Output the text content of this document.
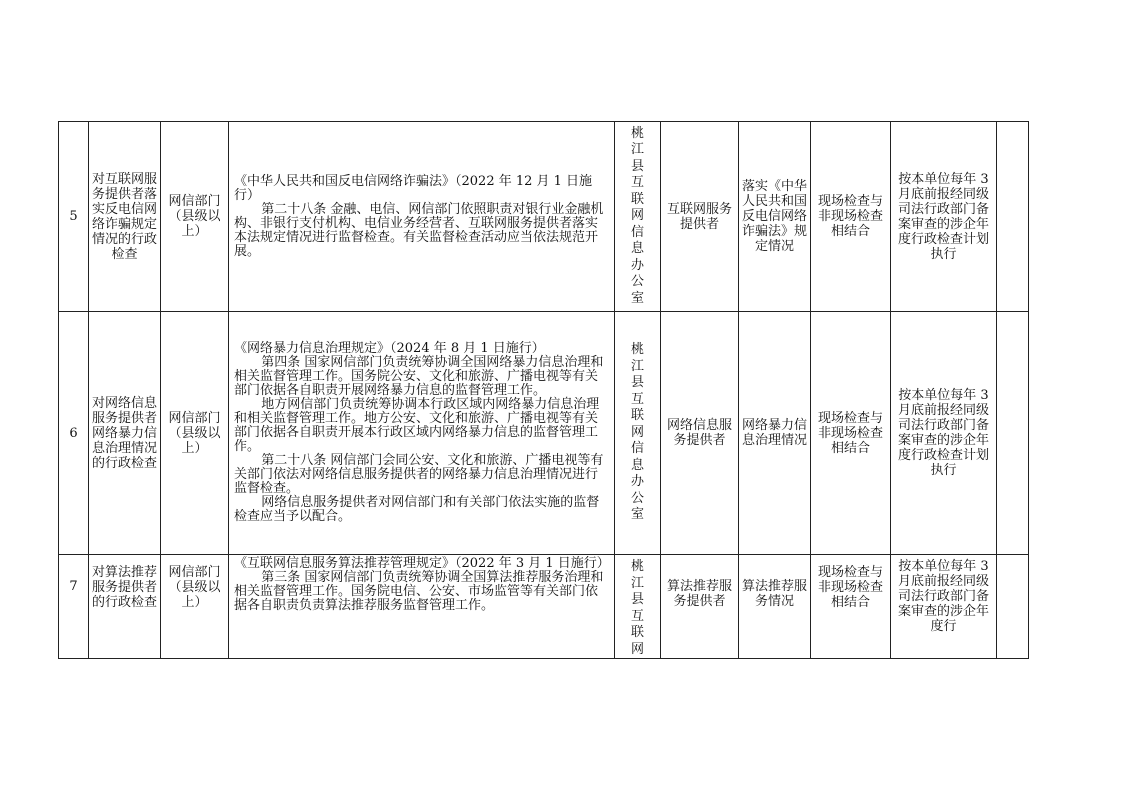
5	对互联网服务提供者落实反电信网络诈骗规定情况的行政检查	网信部门（县级以上）	《中华人民共和国反电信网络诈骗法》（2022 年 12 月 1 日施行）

第二十八条 金融、电信、网信部门依照职责对银行业金融机构、非银行支付机构、电信业务经营者、互联网服务提供者落实本法规定情况进行监督检查。有关监督检查活动应当依法规范开展。	桃江县互联网信息办公室	互联网服务提供者	落实《中华人民共和国反电信网络诈骗法》规定情况	现场检查与非现场检查相结合	按本单位每年 3 月底前报经同级司法行政部门备案审查的涉企年度行政检查计划执行	
6	对网络信息服务提供者网络暴力信息治理情况的行政检查	网信部门（县级以上）	《网络暴力信息治理规定》（2024 年 8 月 1 日施行）

第四条 国家网信部门负责统筹协调全国网络暴力信息治理和相关监督管理工作。国务院公安、文化和旅游、广播电视等有关部门依据各自职责开展网络暴力信息的监督管理工作。

地方网信部门负责统筹协调本行政区域内网络暴力信息治理和相关监督管理工作。地方公安、文化和旅游、广播电视等有关部门依据各自职责开展本行政区域内网络暴力信息的监督管理工作。

第二十八条 网信部门会同公安、文化和旅游、广播电视等有关部门依法对网络信息服务提供者的网络暴力信息治理情况进行监督检查。

网络信息服务提供者对网信部门和有关部门依法实施的监督检查应当予以配合。	桃江县互联网信息办公室	网络信息服务提供者	网络暴力信息治理情况	现场检查与非现场检查相结合	按本单位每年 3 月底前报经同级司法行政部门备案审查的涉企年度行政检查计划执行	
7	对算法推荐服务提供者的行政检查	网信部门（县级以上）	《互联网信息服务算法推荐管理规定》（2022 年 3 月 1 日施行）

第三条 国家网信部门负责统筹协调全国算法推荐服务治理和相关监督管理工作。国务院电信、公安、市场监管等有关部门依据各自职责负责算法推荐服务监督管理工作。	桃江县互联网	算法推荐服务提供者	算法推荐服务情况	现场检查与非现场检查相结合	按本单位每年 3 月底前报经同级司法行政部门备案审查的涉企年度行	
